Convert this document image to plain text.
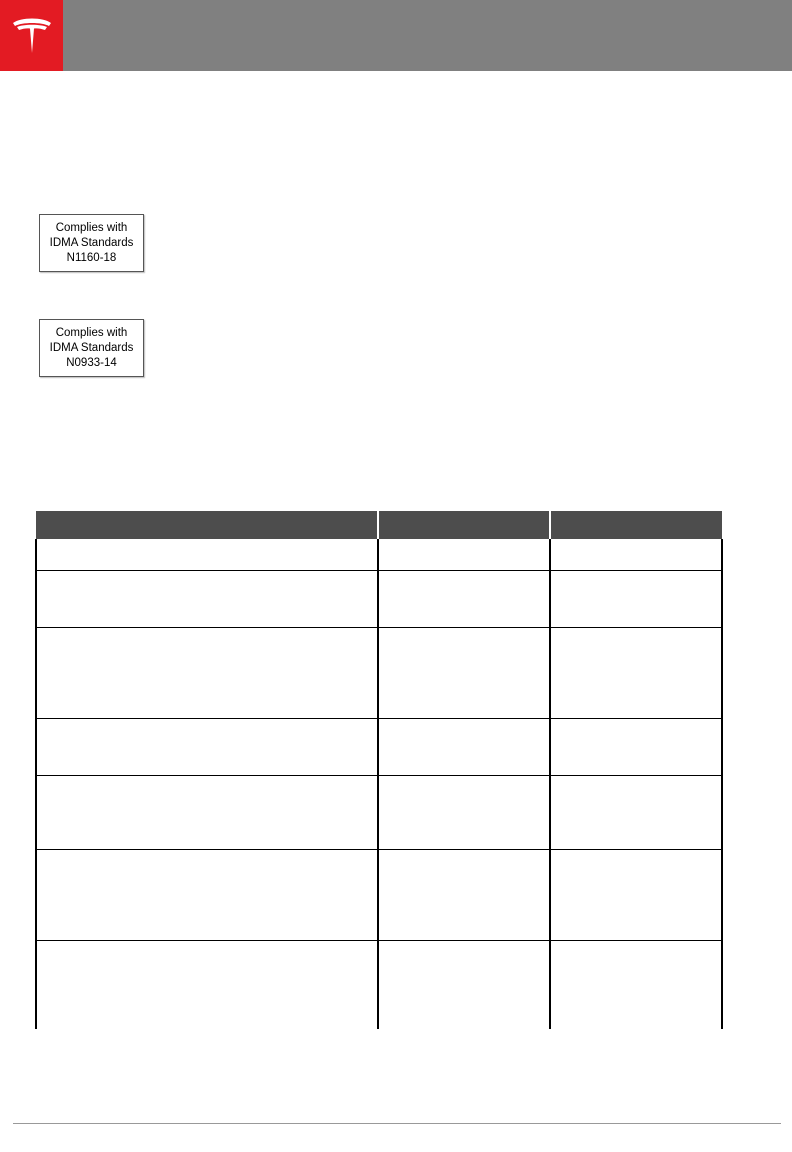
Complies with
IDMA Standards
N1160-18
Complies with
IDMA Standards
N0933-14
